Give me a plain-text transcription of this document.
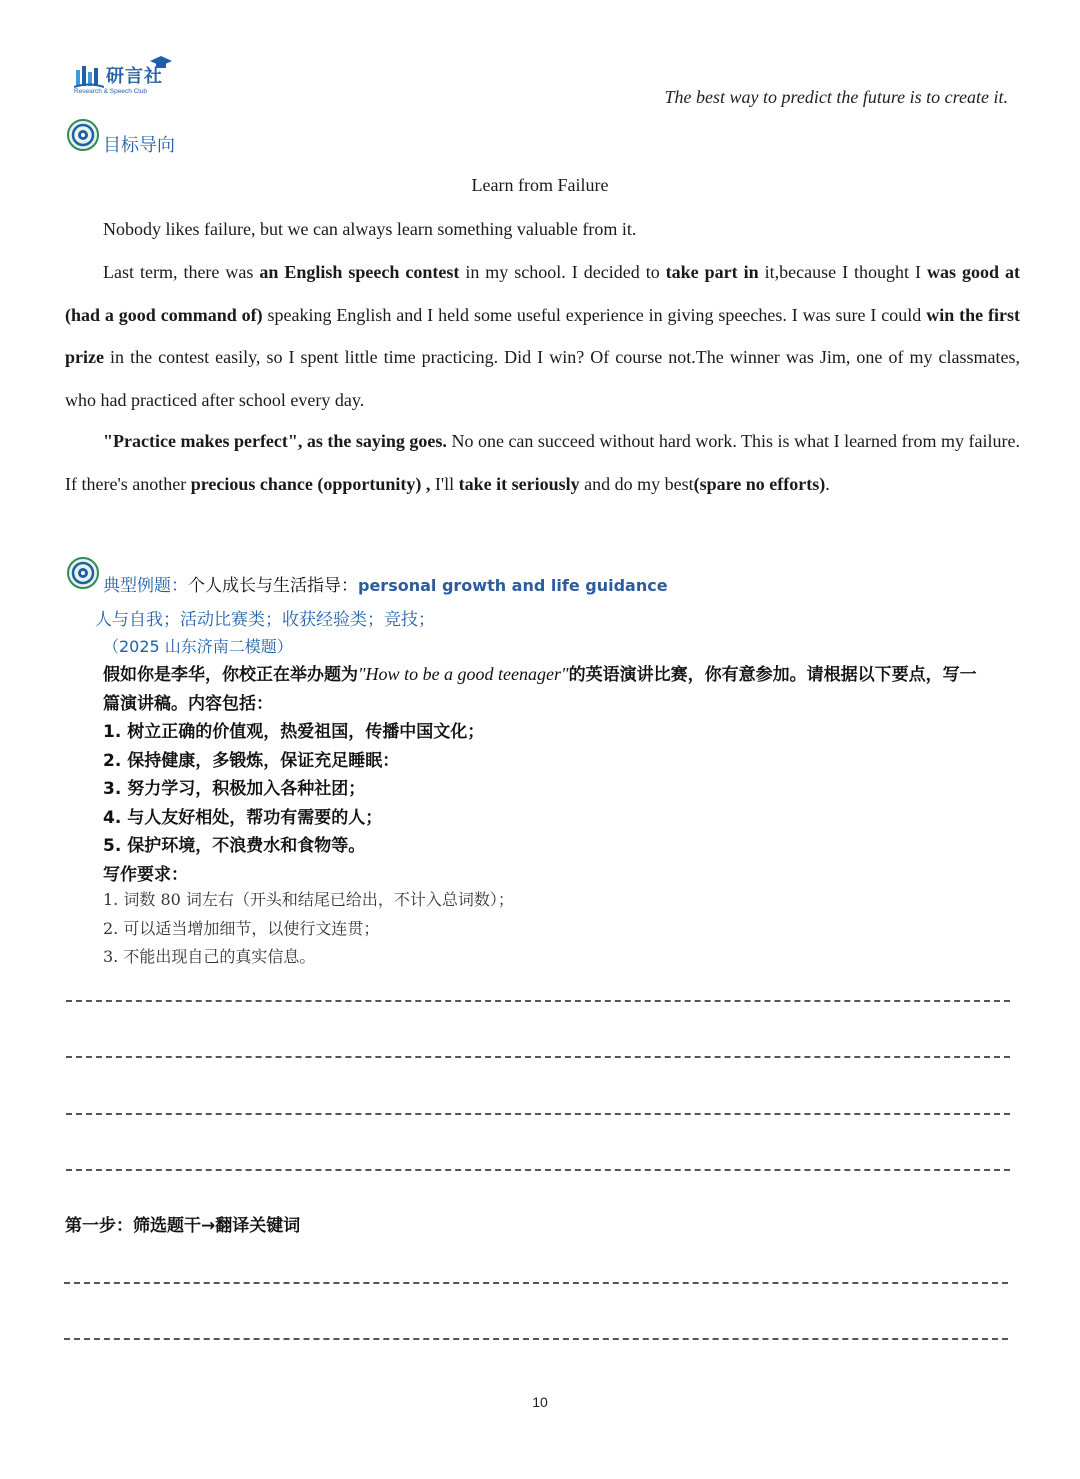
研言社
Research & Speech Club	The best way to predict the future is to create it.
目标导向
Learn from Failure
Nobody likes failure, but we can always learn something valuable from it.
Last term, there was an English speech contest in my school. I decided to take part in it,because I thought I was good at (had a good command of) speaking English and I held some useful experience in giving speeches. I was sure I could win the first prize in the contest easily, so I spent little time practicing. Did I win? Of course not.The winner was Jim, one of my classmates, who had practiced after school every day.
"Practice makes perfect", as the saying goes. No one can succeed without hard work. This is what I learned from my failure. If there's another precious chance (opportunity) , I'll take it seriously and do my best(spare no efforts).
典型例题：个人成长与生活指导：personal growth and life guidance
人与自我；活动比赛类；收获经验类；竞技；
（2025 山东济南二模题）
假如你是李华，你校正在举办题为"How to be a good teenager"的英语演讲比赛，你有意参加。请根据以下要点，写一篇演讲稿。内容包括：
1. 树立正确的价值观，热爱祖国，传播中国文化；
2. 保持健康，多锻炼，保证充足睡眠：
3. 努力学习，积极加入各种社团；
4. 与人友好相处，帮功有需要的人；
5. 保护环境，不浪费水和食物等。
写作要求：
1. 词数 80 词左右（开头和结尾已给出，不计入总词数）；
2. 可以适当增加细节，以使行文连贯；
3. 不能出现自己的真实信息。
第一步：筛选题干→翻译关键词
10
